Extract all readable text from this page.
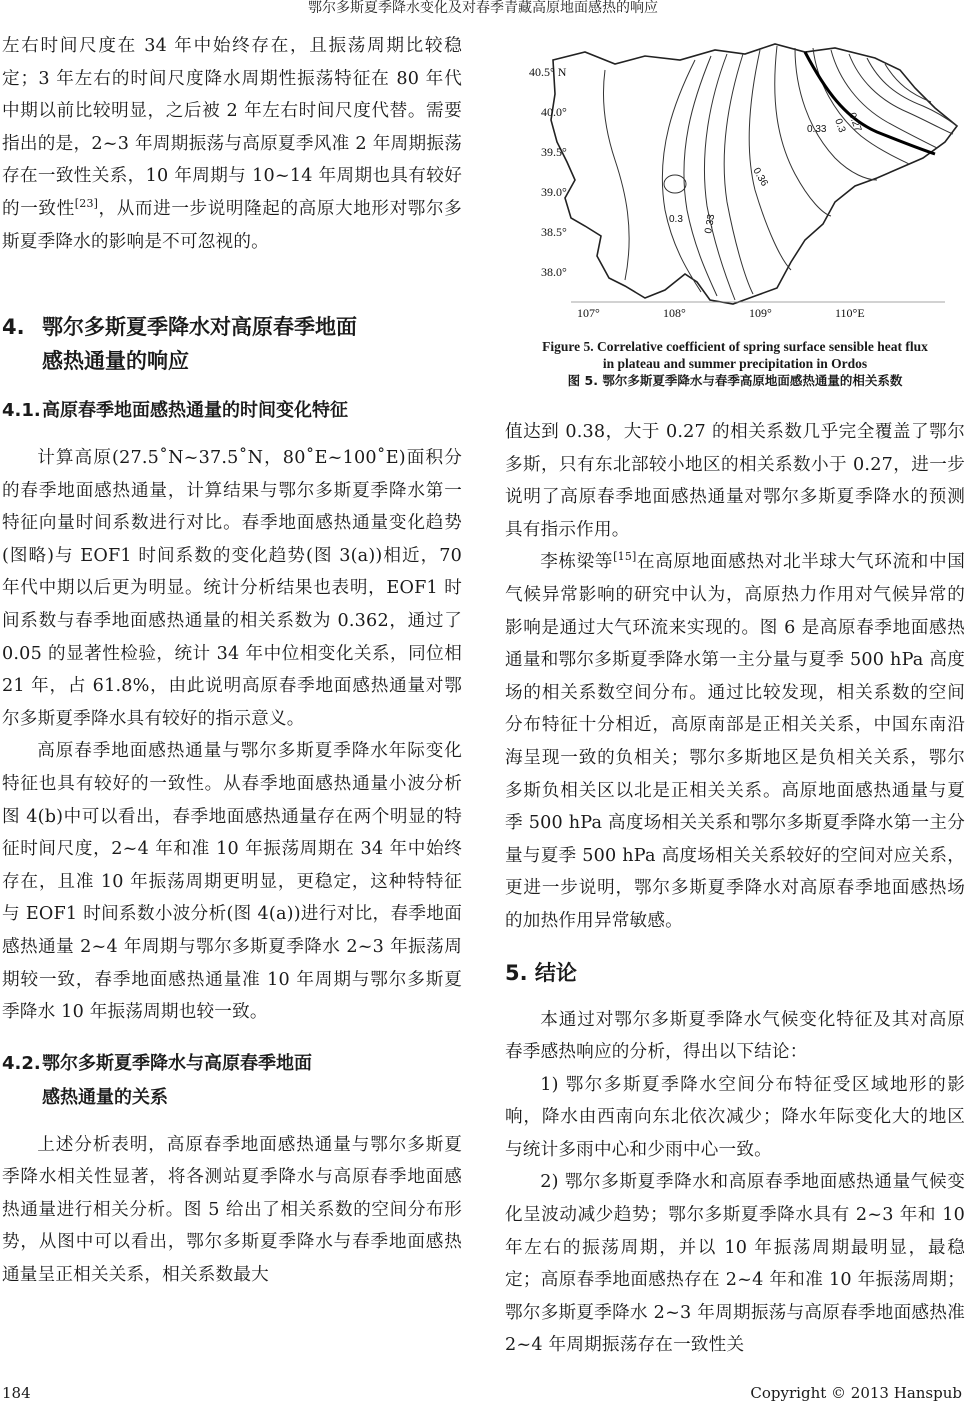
鄂尔多斯夏季降水变化及对春季青藏高原地面感热的响应

左右时间尺度在 34 年中始终存在，且振荡周期比较稳定；3 年左右的时间尺度降水周期性振荡特征在 80 年代中期以前比较明显，之后被 2 年左右时间尺度代替。需要指出的是，2~3 年周期振荡与高原夏季风准 2 年周期振荡存在一致性关系，10 年周期与 10~14 年周期也具有较好的一致性[23]，从而进一步说明隆起的高原大地形对鄂尔多斯夏季降水的影响是不可忽视的。

4. 鄂尔多斯夏季降水对高原春季地面
感热通量的响应
4.1.高原春季地面感热通量的时间变化特征

计算高原(27.5˚N~37.5˚N，80˚E~100˚E)面积分的春季地面感热通量，计算结果与鄂尔多斯夏季降水第一特征向量时间系数进行对比。春季地面感热通量变化趋势(图略)与 EOF1 时间系数的变化趋势(图 3(a))相近，70 年代中期以后更为明显。统计分析结果也表明，EOF1 时间系数与春季地面感热通量的相关系数为 0.362，通过了 0.05 的显著性检验，统计 34 年中位相变化关系，同位相 21 年，占 61.8%，由此说明高原春季地面感热通量对鄂尔多斯夏季降水具有较好的指示意义。

高原春季地面感热通量与鄂尔多斯夏季降水年际变化特征也具有较好的一致性。从春季地面感热通量小波分析图 4(b)中可以看出，春季地面感热通量存在两个明显的特征时间尺度，2~4 年和准 10 年振荡周期在 34 年中始终存在，且准 10 年振荡周期更明显，更稳定，这种特特征与 EOF1 时间系数小波分析(图 4(a))进行对比，春季地面感热通量 2~4 年周期与鄂尔多斯夏季降水 2~3 年振荡周期较一致，春季地面感热通量准 10 年周期与鄂尔多斯夏季降水 10 年振荡周期也较一致。

4.2.鄂尔多斯夏季降水与高原春季地面
感热通量的关系

上述分析表明，高原春季地面感热通量与鄂尔多斯夏季降水相关性显著，将各测站夏季降水与高原春季地面感热通量进行相关分析。图 5 给出了相关系数的空间分布形势，从图中可以看出，鄂尔多斯夏季降水与春季地面感热通量呈正相关关系，相关系数最大

0.33 0.3
0.27
0.36
0.3 0.33
40.5° N
40.0°
39.5°
39.0°
38.5°
38.0°
107°	108°	109°	110°E

Figure 5. Correlative coefficient of spring surface sensible heat flux

in plateau and summer precipitation in Ordos

图 5. 鄂尔多斯夏季降水与春季高原地面感热通量的相关系数

值达到 0.38，大于 0.27 的相关系数几乎完全覆盖了鄂尔多斯，只有东北部较小地区的相关系数小于 0.27，进一步说明了高原春季地面感热通量对鄂尔多斯夏季降水的预测具有指示作用。

李栋梁等[15]在高原地面感热对北半球大气环流和中国气候异常影响的研究中认为，高原热力作用对气候异常的影响是通过大气环流来实现的。图 6 是高原春季地面感热通量和鄂尔多斯夏季降水第一主分量与夏季 500 hPa 高度场的相关系数空间分布。通过比较发现，相关系数的空间分布特征十分相近，高原南部是正相关关系，中国东南沿海呈现一致的负相关；鄂尔多斯地区是负相关关系，鄂尔多斯负相关区以北是正相关关系。高原地面感热通量与夏季 500 hPa 高度场相关关系和鄂尔多斯夏季降水第一主分量与夏季 500 hPa 高度场相关关系较好的空间对应关系，更进一步说明，鄂尔多斯夏季降水对高原春季地面感热场的加热作用异常敏感。

5. 结论

本通过对鄂尔多斯夏季降水气候变化特征及其对高原春季感热响应的分析，得出以下结论：

1) 鄂尔多斯夏季降水空间分布特征受区域地形的影响，降水由西南向东北依次减少；降水年际变化大的地区与统计多雨中心和少雨中心一致。

2) 鄂尔多斯夏季降水和高原春季地面感热通量气候变化呈波动减少趋势；鄂尔多斯夏季降水具有 2~3 年和 10 年左右的振荡周期，并以 10 年振荡周期最明显，最稳定；高原春季地面感热存在 2~4 年和准 10 年振荡周期；鄂尔多斯夏季降水 2~3 年周期振荡与高原春季地面感热准 2~4 年周期振荡存在一致性关

184	Copyright © 2013 Hanspub
